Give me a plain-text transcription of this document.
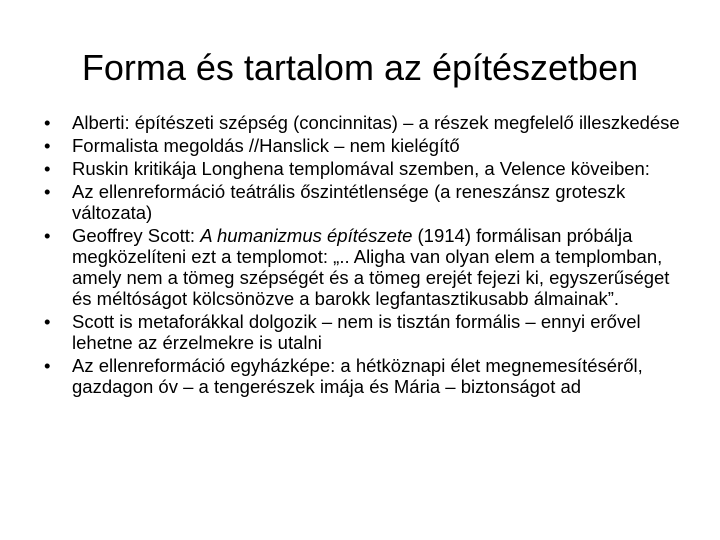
Forma és tartalom az építészetben
•	Alberti: építészeti szépség (concinnitas) – a részek megfelelő illeszkedése
•	Formalista megoldás //Hanslick – nem kielégítő
•	Ruskin kritikája Longhena templomával szemben, a Velence köveiben:
•	Az ellenreformáció teátrális őszintétlensége (a reneszánsz groteszk változata)
•	Geoffrey Scott: A humanizmus építészete (1914) formálisan próbálja megközelíteni ezt a templomot: „.. Aligha van olyan elem a templomban, amely nem a tömeg szépségét és a tömeg erejét fejezi ki, egyszerűséget és méltóságot kölcsönözve a barokk legfantasztikusabb álmainak”.
•	Scott is metaforákkal dolgozik – nem is tisztán formális – ennyi erővel lehetne az érzelmekre is utalni
•	Az ellenreformáció egyházképe: a hétköznapi élet megnemesítéséről, gazdagon óv – a tengerészek imája és Mária – biztonságot ad
